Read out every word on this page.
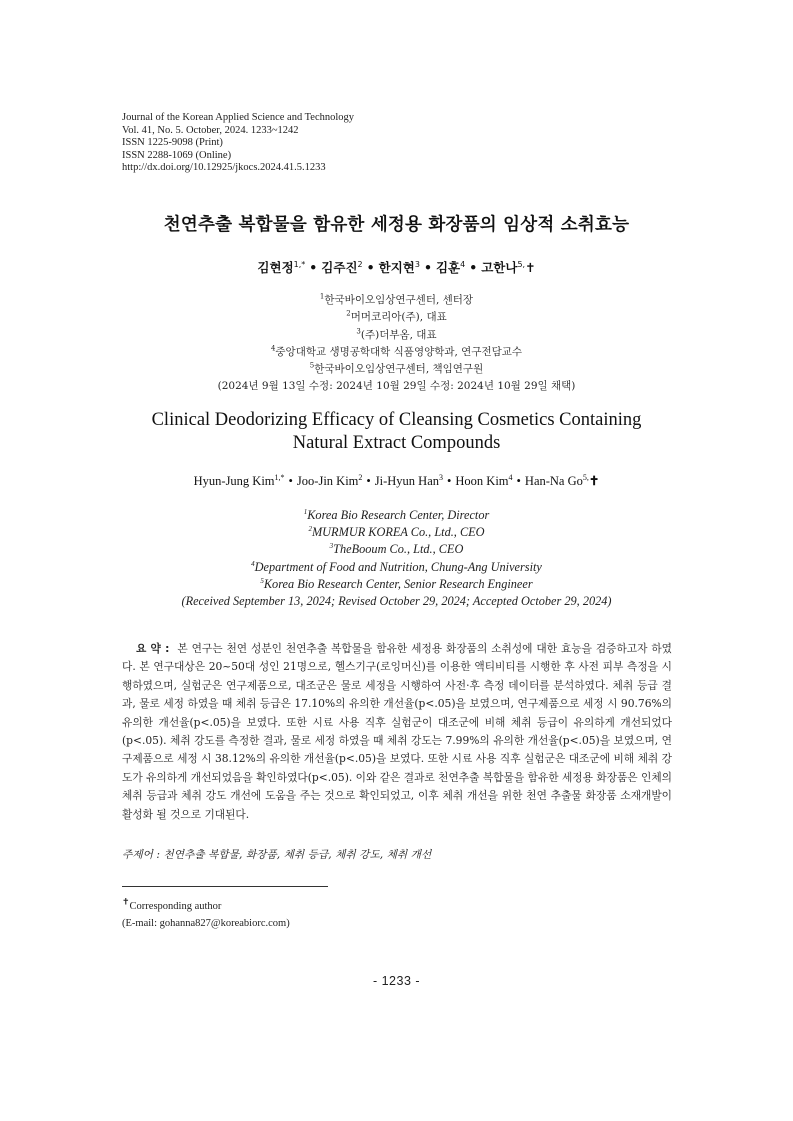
Journal of the Korean Applied Science and Technology
Vol. 41, No. 5. October, 2024. 1233~1242
ISSN 1225-9098 (Print)
ISSN 2288-1069 (Online)
http://dx.doi.org/10.12925/jkocs.2024.41.5.1233
천연추출 복합물을 함유한 세정용 화장품의 임상적 소취효능
김현정$^{1,*}$ • 김주진$^2$ • 한지현$^3$ • 김훈$^4$ • 고한나$^{5,}$✝
$^1$한국바이오임상연구센터, 센터장
$^2$머머코리아(주), 대표
$^3$(주)더부옴, 대표
$^4$중앙대학교 생명공학대학 식품영양학과, 연구전담교수
$^5$한국바이오임상연구센터, 책임연구원
(2024년 9월 13일 수정: 2024년 10월 29일 수정: 2024년 10월 29일 채택)
Clinical Deodorizing Efficacy of Cleansing Cosmetics Containing
Natural Extract Compounds
Hyun-Jung Kim$^{1,*}$ • Joo-Jin Kim$^2$ • Ji-Hyun Han$^3$ • Hoon Kim$^4$ • Han-Na $Go^{5,}✝$
$^1$Korea Bio Research Center, Director
$^2$MURMUR KOREA Co., Ltd., CEO
$^3$TheBooum Co., Ltd., CEO
$^4$Department of Food and Nutrition, Chung-Ang University
$^5$Korea Bio Research Center, Senior Research Engineer
(Received September 13, 2024; Revised October 29, 2024; Accepted October 29, 2024)
요 약 : 본 연구는 천연 성분인 천연추출 복합물을 함유한 세정용 화장품의 소취성에 대한 효능을 검증하고자 하였다. 본 연구대상은 20~50대 성인 21명으로, 헬스기구(로잉머신)를 이용한 액티비티를 시행한 후 사전 피부 측정을 시행하였으며, 실험군은 연구제품으로, 대조군은 물로 세정을 시행하여 사전·후 측정 데이터를 분석하였다. 체취 등급 결과, 물로 세정 하였을 때 체취 등급은 17.10%의 유의한 개선율(p<.05)을 보였으며, 연구제품으로 세정 시 90.76%의 유의한 개선율(p<.05)을 보였다. 또한 시료 사용 직후 실험군이 대조군에 비해 체취 등급이 유의하게 개선되었다(p<.05). 체취 강도를 측정한 결과, 물로 세정 하였을 때 체취 강도는 7.99%의 유의한 개선율(p<.05)을 보였으며, 연구제품으로 세정 시 38.12%의 유의한 개선율(p<.05)을 보였다. 또한 시료 사용 직후 실험군은 대조군에 비해 체취 강도가 유의하게 개선되었음을 확인하였다(p<.05). 이와 같은 결과로 천연추출 복합물을 함유한 세정용 화장품은 인체의 체취 등급과 체취 강도 개선에 도움을 주는 것으로 확인되었고, 이후 체취 개선을 위한 천연 추출물 화장품 소재개발이 활성화 될 것으로 기대된다.
주제어 : 천연추출 복합물, 화장품, 체취 등급, 체취 강도, 체취 개선
✝Corresponding author
(E-mail: gohanna827@koreabiorc.com)
- 1233 -
